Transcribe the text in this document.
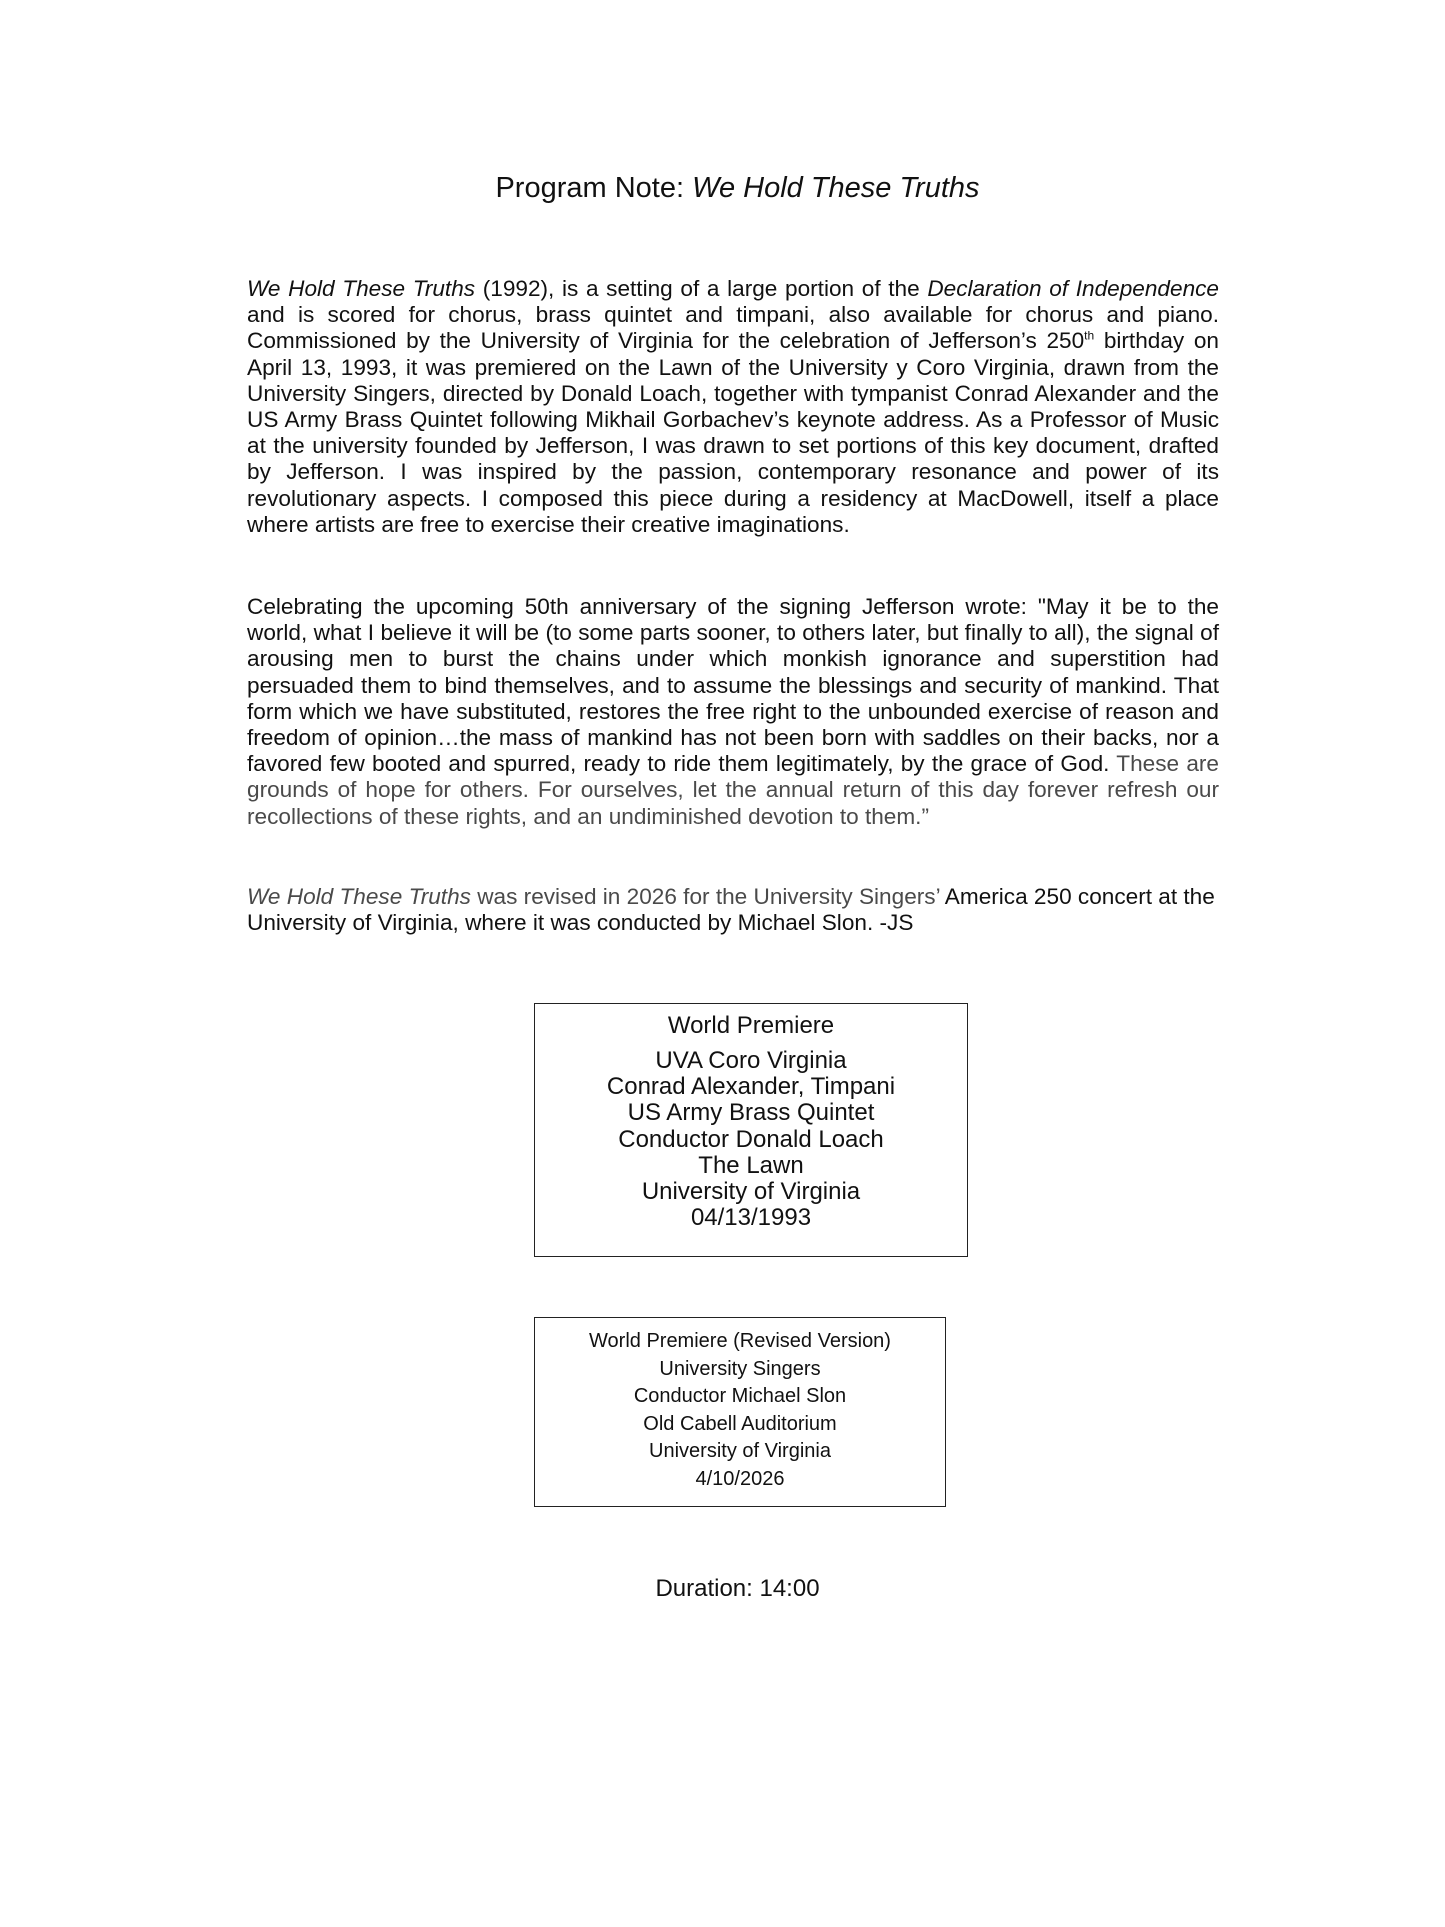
Program Note: We Hold These Truths
We Hold These Truths (1992), is a setting of a large portion of the Declaration of Independence and is scored for chorus, brass quintet and timpani, also available for chorus and piano. Commissioned by the University of Virginia for the celebration of Jefferson’s 250th birthday on April 13, 1993, it was premiered on the Lawn of the University y Coro Virginia, drawn from the University Singers, directed by Donald Loach, together with tympanist Conrad Alexander and the US Army Brass Quintet following Mikhail Gorbachev’s keynote address. As a Professor of Music at the university founded by Jefferson, I was drawn to set portions of this key document, drafted by Jefferson. I was inspired by the passion, contemporary resonance and power of its revolutionary aspects. I composed this piece during a residency at MacDowell, itself a place where artists are free to exercise their creative imaginations.
Celebrating the upcoming 50th anniversary of the signing Jefferson wrote: "May it be to the world, what I believe it will be (to some parts sooner, to others later, but finally to all), the signal of arousing men to burst the chains under which monkish ignorance and superstition had persuaded them to bind themselves, and to assume the blessings and security of mankind. That form which we have substituted, restores the free right to the unbounded exercise of reason and freedom of opinion…the mass of mankind has not been born with saddles on their backs, nor a favored few booted and spurred, ready to ride them legitimately, by the grace of God. These are grounds of hope for others. For ourselves, let the annual return of this day forever refresh our recollections of these rights, and an undiminished devotion to them.”
We Hold These Truths was revised in 2026 for the University Singers’ America 250 concert at the University of Virginia, where it was conducted by Michael Slon. -JS
World Premiere
UVA Coro Virginia
Conrad Alexander, Timpani
US Army Brass Quintet
Conductor Donald Loach
The Lawn
University of Virginia
04/13/1993
World Premiere (Revised Version)
University Singers
Conductor Michael Slon
Old Cabell Auditorium
University of Virginia
4/10/2026
Duration: 14:00
